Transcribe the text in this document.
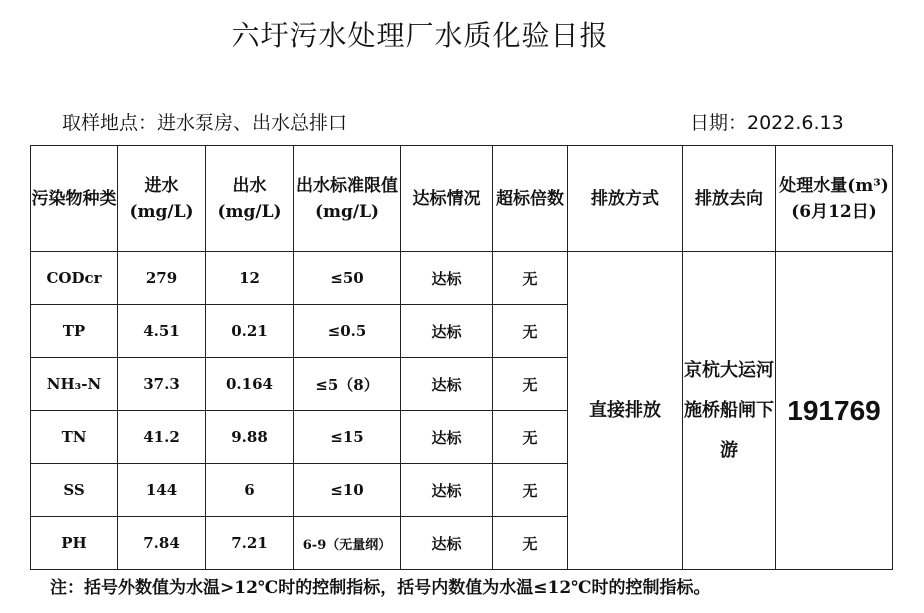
六圩污水处理厂水质化验日报
取样地点：进水泵房、出水总排口	日期：2022.6.13
污染物种类	进水(mg/L)	出水(mg/L)	出水标准限值(mg/L)	达标情况	超标倍数	排放方式	排放去向	处理水量(m³)(6月12日)
CODcr	279	12	≤50	达标	无	直接排放	京杭大运河施桥船闸下游	191769
TP	4.51	0.21	≤0.5	达标	无			
NH₃-N	37.3	0.164	≤5（8）	达标	无			
TN	41.2	9.88	≤15	达标	无			
SS	144	6	≤10	达标	无			
PH	7.84	7.21	6-9（无量纲）	达标	无			
注：括号外数值为水温>12℃时的控制指标，括号内数值为水温≤12℃时的控制指标。
